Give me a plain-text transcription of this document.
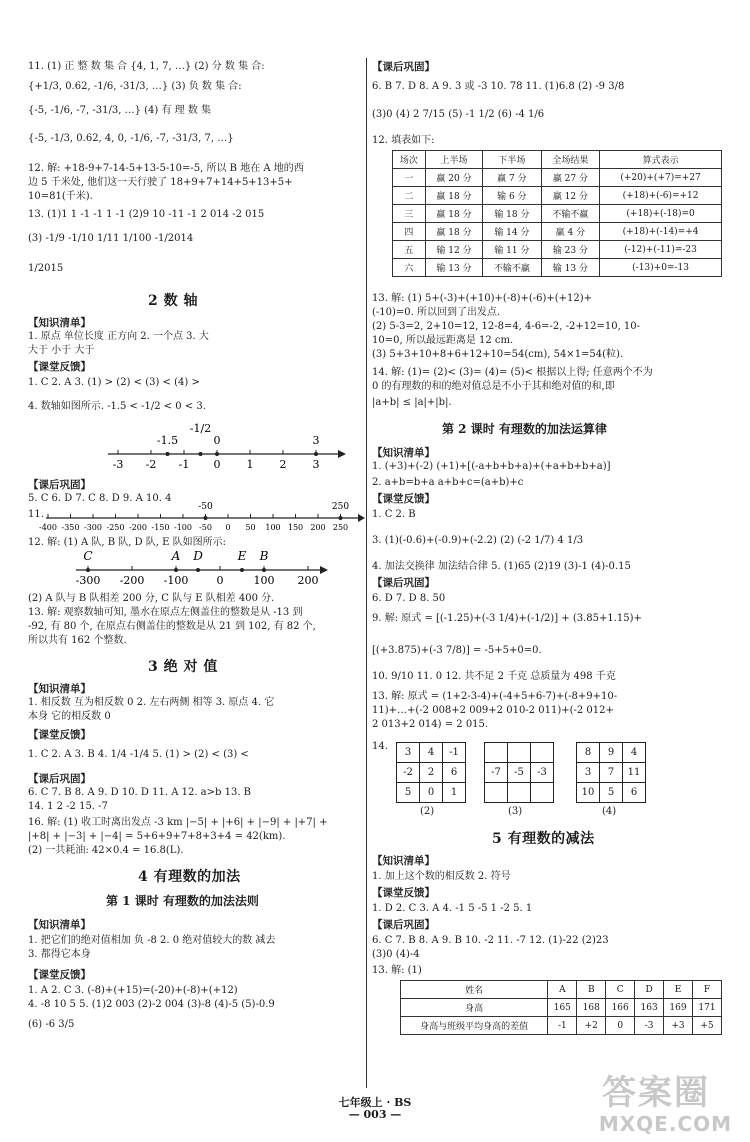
11. (1) 正 整 数 集 合 {4, 1, 7, …} (2) 分 数 集 合:
{+1/3, 0.62, -1/6, -31/3, …} (3) 负 数 集 合:
{-5, -1/6, -7, -31/3, …} (4) 有 理 数 集
{-5, -1/3, 0.62, 4, 0, -1/6, -7, -31/3, 7, …}
12. 解: +18-9+7-14-5+13-5-10=-5, 所以 B 地在 A 地的西
边 5 千米处, 他们这一天行驶了 18+9+7+14+5+13+5+
10=81(千米).
13. (1)1 1 -1 -1 1 -1 (2)9 10 -11 -1 2 014 -2 015
(3) -1/9 -1/10 1/11 1/100 -1/2014
1/2015
2 数 轴
【知识清单】
1. 原点 单位长度 正方向 2. 一个点 3. 大
大于 小于 大于
【课堂反馈】
1. C 2. A 3. (1) > (2) < (3) < (4) >
4. 数轴如图所示. -1.5 < -1/2 < 0 < 3.
-3 -2 -1 0 1 2 3
-1.5
-1/2
0	3
【课后巩固】
5. C 6. D 7. C 8. D 9. A 10. 4
11.
-400 -350 -300 -250 -200 -150 -100 -50 0 50 100 150 200 250
-50	250
12. 解: (1) A 队, B 队, D 队, E 队如图所示:
-300 -200 -100	0	100 200
C	A D	E B
(2) A 队与 B 队相差 200 分, C 队与 E 队相差 400 分.
13. 解: 观察数轴可知, 墨水在原点左侧盖住的整数是从 -13 到
-92, 有 80 个, 在原点右侧盖住的整数是从 21 到 102, 有 82 个,
所以共有 162 个整数.
3 绝 对 值
【知识清单】
1. 相反数 互为相反数 0 2. 左右两侧 相等 3. 原点 4. 它
本身 它的相反数 0
【课堂反馈】
1. C 2. A 3. B 4. 1/4 -1/4 5. (1) > (2) < (3) <
【课后巩固】
6. C 7. B 8. A 9. D 10. D 11. A 12. a>b 13. B
14. 1 2 -2 15. -7
16. 解: (1) 收工时离出发点 -3 km |−5| + |+6| + |−9| + |+7| +
|+8| + |−3| + |−4| = 5+6+9+7+8+3+4 = 42(km).
(2) 一共耗油: 42×0.4 = 16.8(L).
4 有理数的加法
第 1 课时 有理数的加法法则
【知识清单】
1. 把它们的绝对值相加 负 -8 2. 0 绝对值较大的数 减去
3. 都得它本身
【课堂反馈】
1. A 2. C 3. (-8)+(+15)=(-20)+(-8)+(+12)
4. -8 10 5 5. (1)2 003 (2)-2 004 (3)-8 (4)-5 (5)-0.9
(6) -6 3/5
【课后巩固】
6. B 7. D 8. A 9. 3 或 -3 10. 78 11. (1)6.8 (2) -9 3/8
(3)0 (4) 2 7/15 (5) -1 1/2 (6) -4 1/6
12. 填表如下:
场次	上半场	下半场	全场结果	算式表示
一	赢 20 分	赢 7 分	赢 27 分	(+20)+(+7)=+27
二	赢 18 分	输 6 分	赢 12 分	(+18)+(-6)=+12
三	赢 18 分	输 18 分	不输不赢	(+18)+(-18)=0
四	赢 18 分	输 14 分	赢 4 分	(+18)+(-14)=+4
五	输 12 分	输 11 分	输 23 分	(-12)+(-11)=-23
六	输 13 分	不输不赢	输 13 分	(-13)+0=-13
13. 解: (1) 5+(-3)+(+10)+(-8)+(-6)+(+12)+
(-10)=0. 所以回到了出发点.
(2) 5-3=2, 2+10=12, 12-8=4, 4-6=-2, -2+12=10, 10-
10=0, 所以最远距离是 12 cm.
(3) 5+3+10+8+6+12+10=54(cm), 54×1=54(粒).
14. 解: (1)= (2)< (3)= (4)= (5)< 根据以上得; 任意两个不为
0 的有理数的和的绝对值总是不小于其和绝对值的和,即
|a+b| ≤ |a|+|b|.
第 2 课时 有理数的加法运算律
【知识清单】
1. (+3)+(-2) (+1)+[(-a+b+b+a)+(+a+b+b+a)]
2. a+b=b+a a+b+c=(a+b)+c
【课堂反馈】
1. C 2. B
3. (1)(-0.6)+(-0.9)+(-2.2) (2) (-2 1/7) 4 1/3
4. 加法交换律 加法结合律 5. (1)65 (2)19 (3)-1 (4)-0.15
【课后巩固】
6. D 7. D 8. 50
9. 解: 原式 = [(-1.25)+(-3 1/4)+(-1/2)] + (3.85+1.15)+
[(+3.875)+(-3 7/8)] = -5+5+0=0.
10. 9/10 11. 0 12. 共不足 2 千克 总质量为 498 千克
13. 解: 原式 = (1+2-3-4)+(-4+5+6-7)+(-8+9+10-
11)+…+(-2 008+2 009+2 010-2 011)+(-2 012+
2 013+2 014) = 2 015.
14.
3	4	-1
-2	2	6
5	0	1

-7	-5	-3

8	9	4
3	7	11
10	5	6
(2)	(3)	(4)
5 有理数的减法
【知识清单】
1. 加上这个数的相反数 2. 符号
【课堂反馈】
1. D 2. C 3. A 4. -1 5 -5 1 -2 5. 1
【课后巩固】
6. C 7. B 8. A 9. B 10. -2 11. -7 12. (1)-22 (2)23
(3)0 (4)-4
13. 解: (1)
姓名	A	B	C	D	E	F
身高	165	168	166	163	169	171
身高与班级平均身高的差值	-1	+2	0	-3	+3	+5
七年级上 · BS
— 003 —
答案圈
MXQE.COM
